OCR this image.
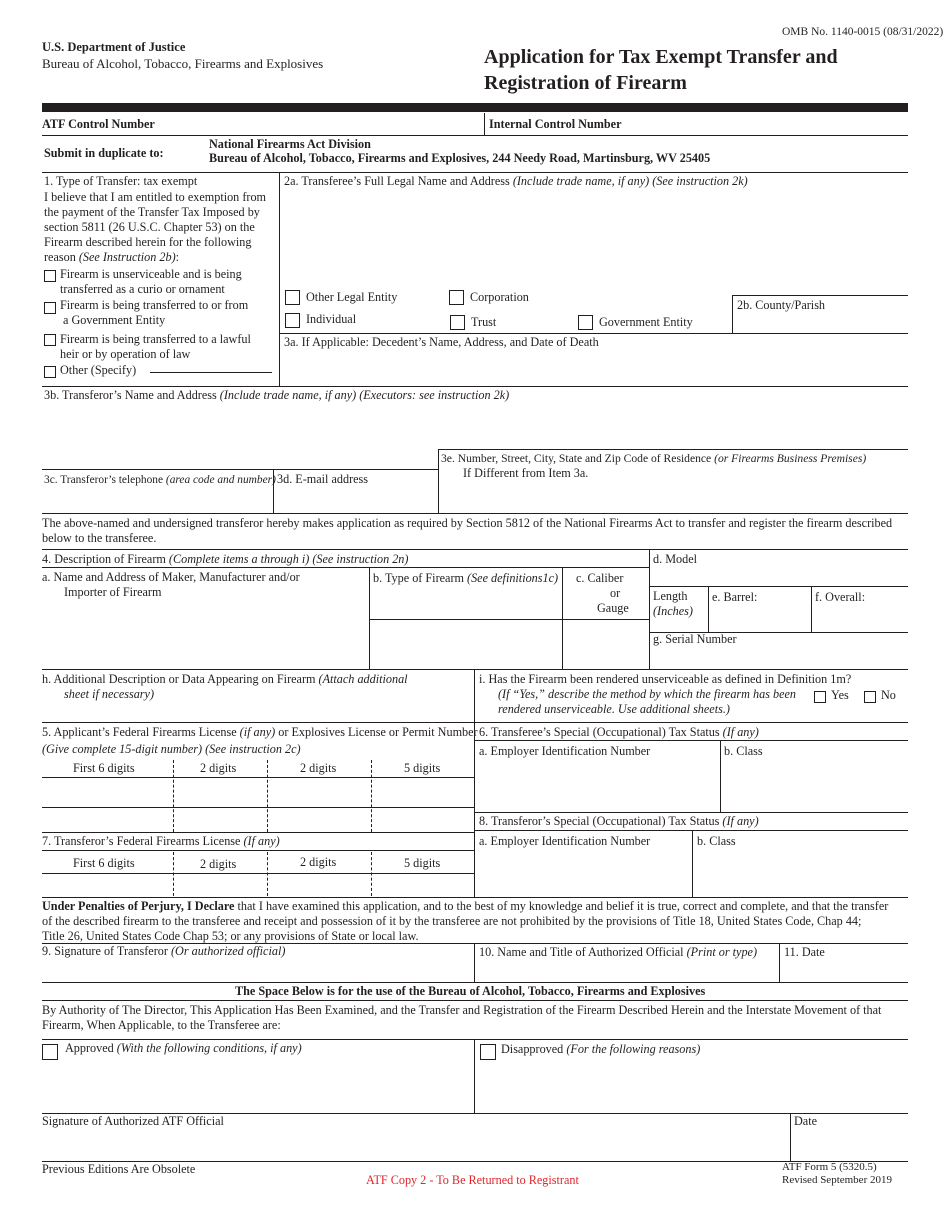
OMB No. 1140-0015 (08/31/2022)
U.S. Department of Justice
Bureau of Alcohol, Tobacco, Firearms and Explosives	Application for Tax Exempt Transfer and
Registration of Firearm
ATF Control Number	Internal Control Number
Submit in duplicate to:
National Firearms Act Division
Bureau of Alcohol, Tobacco, Firearms and Explosives, 244 Needy Road, Martinsburg, WV 25405
1. Type of Transfer: tax exempt
I believe that I am entitled to exemption from
the payment of the Transfer Tax Imposed by
section 5811 (26 U.S.C. Chapter 53) on the
Firearm described herein for the following
reason (See Instruction 2b):
Firearm is unserviceable and is being
transferred as a curio or ornament
Firearm is being transferred to or from
a Government Entity
Firearm is being transferred to a lawful
heir or by operation of law
Other (Specify)
2a. Transferee’s Full Legal Name and Address (Include trade name, if any) (See instruction 2k)
Other Legal Entity	Corporation
Individual	Trust	Government Entity
2b. County/Parish
3a. If Applicable: Decedent’s Name, Address, and Date of Death
3b. Transferor’s Name and Address (Include trade name, if any) (Executors: see instruction 2k)
3e. Number, Street, City, State and Zip Code of Residence (or Firearms Business Premises)
If Different from Item 3a.
3c. Transferor’s telephone (area code and number) 3d. E-mail address
The above-named and undersigned transferor hereby makes application as required by Section 5812 of the National Firearms Act to transfer and register the firearm described
below to the transferee.
4. Description of Firearm (Complete items a through i) (See instruction 2n)	d. Model
a. Name and Address of Maker, Manufacturer and/or
Importer of Firearm
b. Type of Firearm (See definitions1c) c. Caliber
or
Gauge
Length
(Inches)
e. Barrel:	f. Overall:
g. Serial Number
h. Additional Description or Data Appearing on Firearm (Attach additional
sheet if necessary)
i. Has the Firearm been rendered unserviceable as defined in Definition 1m?
(If “Yes,” describe the method by which the firearm has been
rendered unserviceable. Use additional sheets.)
Yes	No
5. Applicant’s Federal Firearms License (if any) or Explosives License or Permit Number
(Give complete 15-digit number) (See instruction 2c)
First 6 digits	2 digits	2 digits	5 digits
6. Transferee’s Special (Occupational) Tax Status (If any)
a. Employer Identification Number	b. Class
8. Transferor’s Special (Occupational) Tax Status (If any)
a. Employer Identification Number	b. Class
7. Transferor’s Federal Firearms License (If any)
First 6 digits	2 digits	2 digits	5 digits
Under Penalties of Perjury, I Declare that I have examined this application, and to the best of my knowledge and belief it is true, correct and complete, and that the transfer
of the described firearm to the transferee and receipt and possession of it by the transferee are not prohibited by the provisions of Title 18, United States Code, Chap 44;
Title 26, United States Code Chap 53; or any provisions of State or local law.
9. Signature of Transferor (Or authorized official)	10. Name and Title of Authorized Official (Print or type) 11. Date
The Space Below is for the use of the Bureau of Alcohol, Tobacco, Firearms and Explosives
By Authority of The Director, This Application Has Been Examined, and the Transfer and Registration of the Firearm Described Herein and the Interstate Movement of that
Firearm, When Applicable, to the Transferee are:
Approved (With the following conditions, if any)	Disapproved (For the following reasons)
Signature of Authorized ATF Official	Date
Previous Editions Are Obsolete
ATF Copy 2 - To Be Returned to Registrant
ATF Form 5 (5320.5)
Revised September 2019
